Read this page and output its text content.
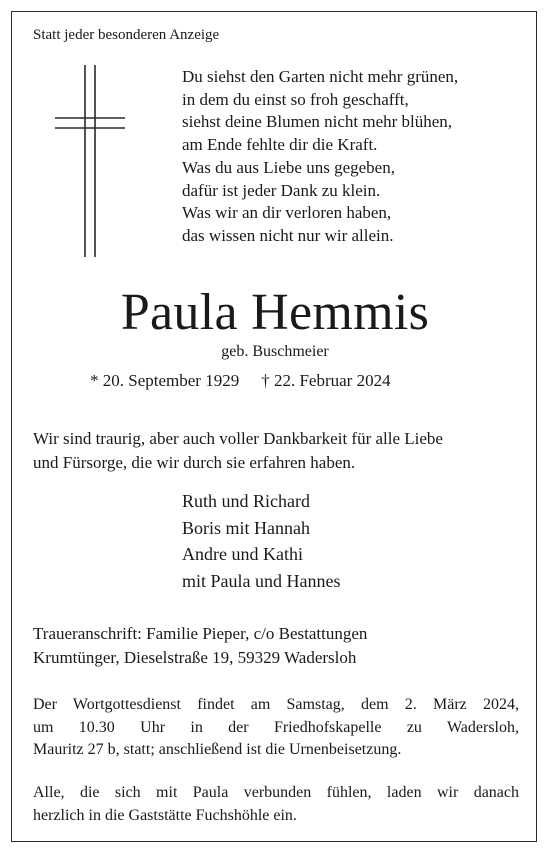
Statt jeder besonderen Anzeige
Du siehst den Garten nicht mehr grünen,
in dem du einst so froh geschafft,
siehst deine Blumen nicht mehr blühen,
am Ende fehlte dir die Kraft.
Was du aus Liebe uns gegeben,
dafür ist jeder Dank zu klein.
Was wir an dir verloren haben,
das wissen nicht nur wir allein.
Paula Hemmis
geb. Buschmeier
* 20. September 1929 † 22. Februar 2024
Wir sind traurig, aber auch voller Dankbarkeit für alle Liebe
und Fürsorge, die wir durch sie erfahren haben.
Ruth und Richard
Boris mit Hannah
Andre und Kathi
mit Paula und Hannes
Traueranschrift: Familie Pieper, c/o Bestattungen
Krumtünger, Dieselstraße 19, 59329 Wadersloh
Der Wortgottesdienst findet am Samstag, dem 2. März 2024,
um 10.30 Uhr in der Friedhofskapelle zu Wadersloh,
Mauritz 27 b, statt; anschließend ist die Urnenbeisetzung.
Alle, die sich mit Paula verbunden fühlen, laden wir danach
herzlich in die Gaststätte Fuchshöhle ein.
